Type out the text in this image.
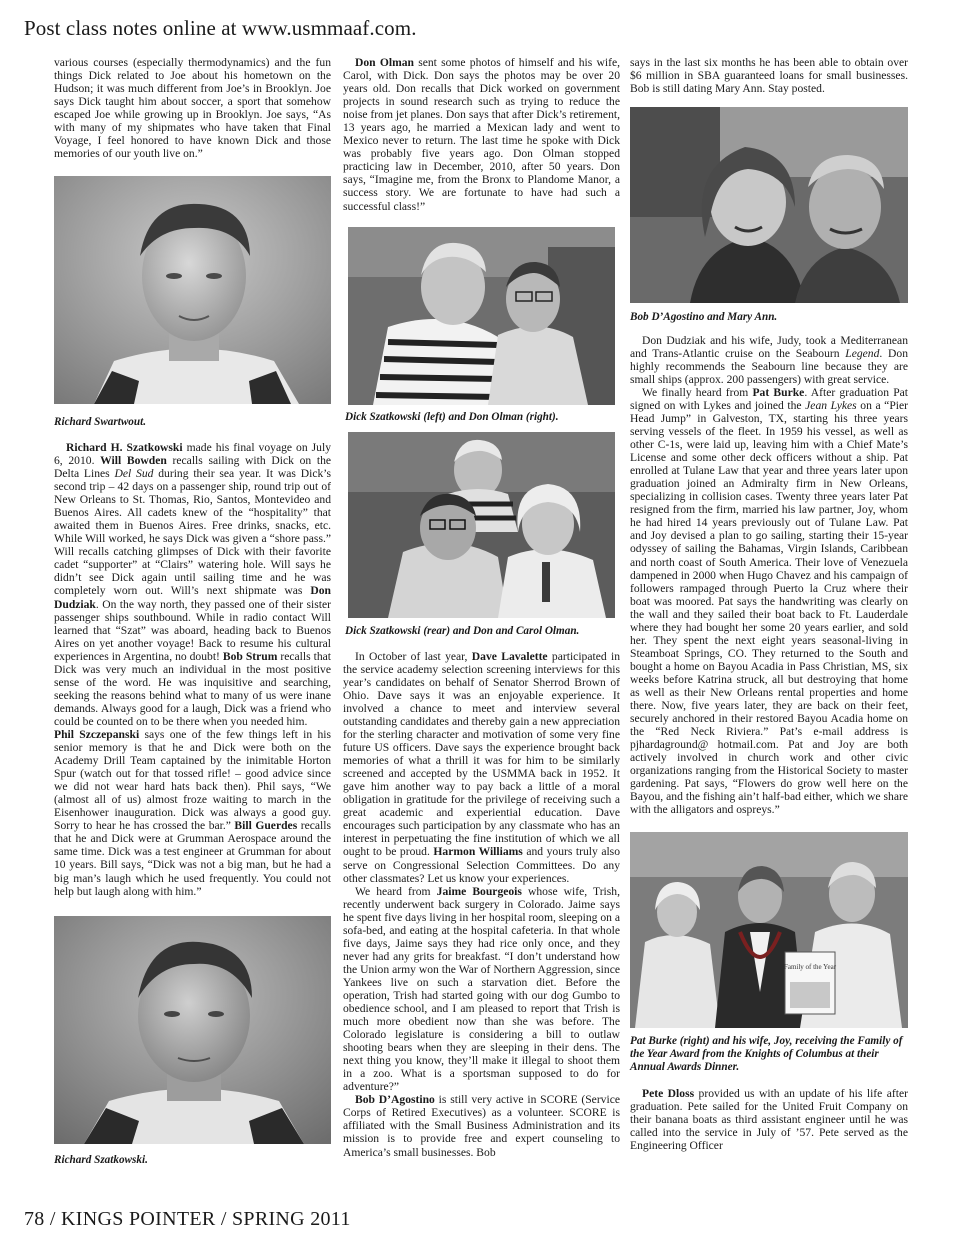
Post class notes online at www.usmmaaf.com.

various courses (especially thermodynamics) and the fun things Dick related to Joe about his hometown on the Hudson; it was much different from Joe’s in Brooklyn. Joe says Dick taught him about soccer, a sport that somehow escaped Joe while growing up in Brooklyn. Joe says, “As with many of my shipmates who have taken that Final Voyage, I feel honored to have known Dick and those memories of our youth live on.”

Richard Swartwout.

Richard H. Szatkowski made his final voyage on July 6, 2010. Will Bowden recalls sailing with Dick on the Delta Lines Del Sud during their sea year. It was Dick’s second trip – 42 days on a passenger ship, round trip out of New Orleans to St. Thomas, Rio, Santos, Montevideo and Buenos Aires. All cadets knew of the “hospitality” that awaited them in Buenos Aires. Free drinks, snacks, etc. While Will worked, he says Dick was given a “shore pass.” Will recalls catching glimpses of Dick with their favorite cadet “supporter” at “Clairs” watering hole. Will says he didn’t see Dick again until sailing time and he was completely worn out. Will’s next shipmate was Don Dudziak. On the way north, they passed one of their sister passenger ships southbound. While in radio contact Will learned that “Szat” was aboard, heading back to Buenos Aires on yet another voyage! Back to resume his cultural experiences in Argentina, no doubt! Bob Strum recalls that Dick was very much an individual in the most positive sense of the word. He was inquisitive and searching, seeking the reasons behind what to many of us were inane demands. Always good for a laugh, Dick was a friend who could be counted on to be there when you needed him.

Phil Szczepanski says one of the few things left in his senior memory is that he and Dick were both on the Academy Drill Team captained by the inimitable Horton Spur (watch out for that tossed rifle! – good advice since we did not wear hard hats back then). Phil says, “We (almost all of us) almost froze waiting to march in the Eisenhower inauguration. Dick was always a good guy. Sorry to hear he has crossed the bar.” Bill Guerdes recalls that he and Dick were at Grumman Aerospace around the same time. Dick was a test engineer at Grumman for about 10 years. Bill says, “Dick was not a big man, but he had a big man’s laugh which he used frequently. You could not help but laugh along with him.”

Richard Szatkowski.

Don Olman sent some photos of himself and his wife, Carol, with Dick. Don says the photos may be over 20 years old. Don recalls that Dick worked on government projects in sound research such as trying to reduce the noise from jet planes. Don says that after Dick’s retirement, 13 years ago, he married a Mexican lady and went to Mexico never to return. The last time he spoke with Dick was probably five years ago. Don Olman stopped practicing law in December, 2010, after 50 years. Don says, “Imagine me, from the Bronx to Plandome Manor, a success story. We are fortunate to have had such a successful class!”

Dick Szatkowski (left) and Don Olman (right).
Dick Szatkowski (rear) and Don and Carol Olman.

In October of last year, Dave Lavalette participated in the service academy selection screening interviews for this year’s candidates on behalf of Senator Sherrod Brown of Ohio. Dave says it was an enjoyable experience. It involved a chance to meet and interview several outstanding candidates and thereby gain a new appreciation for the sterling character and motivation of some very fine future US officers. Dave says the experience brought back memories of what a thrill it was for him to be similarly screened and accepted by the USMMA back in 1952. It gave him another way to pay back a little of a moral obligation in gratitude for the privilege of receiving such a great academic and experiential education. Dave encourages such participation by any classmate who has an interest in perpetuating the fine institution of which we all ought to be proud. Harmon Williams and yours truly also serve on Congressional Selection Committees. Do any other classmates? Let us know your experiences.

We heard from Jaime Bourgeois whose wife, Trish, recently underwent back surgery in Colorado. Jaime says he spent five days living in her hospital room, sleeping on a sofa-bed, and eating at the hospital cafeteria. In that whole five days, Jaime says they had rice only once, and they never had any grits for breakfast. “I don’t understand how the Union army won the War of Northern Aggression, since Yankees live on such a starvation diet. Before the operation, Trish had started going with our dog Gumbo to obedience school, and I am pleased to report that Trish is much more obedient now than she was before. The Colorado legislature is considering a bill to outlaw shooting bears when they are sleeping in their dens. The next thing you know, they’ll make it illegal to shoot them in a zoo. What is a sportsman supposed to do for adventure?”

Bob D’Agostino is still very active in SCORE (Service Corps of Retired Executives) as a volunteer. SCORE is affiliated with the Small Business Administration and its mission is to provide free and expert counseling to America’s small businesses. Bob

says in the last six months he has been able to obtain over $6 million in SBA guaranteed loans for small businesses. Bob is still dating Mary Ann. Stay posted.

Bob D’Agostino and Mary Ann.

Don Dudziak and his wife, Judy, took a Mediterranean and Trans-Atlantic cruise on the Seabourn Legend. Don highly recommends the Seabourn line because they are small ships (approx. 200 passengers) with great service.

We finally heard from Pat Burke. After graduation Pat signed on with Lykes and joined the Jean Lykes on a “Pier Head Jump” in Galveston, TX, starting his three years serving vessels of the fleet. In 1959 his vessel, as well as other C-1s, were laid up, leaving him with a Chief Mate’s License and some other deck officers without a ship. Pat enrolled at Tulane Law that year and three years later upon graduation joined an Admiralty firm in New Orleans, specializing in collision cases. Twenty three years later Pat resigned from the firm, married his law partner, Joy, whom he had hired 14 years previously out of Tulane Law. Pat and Joy devised a plan to go sailing, starting their 15-year odyssey of sailing the Bahamas, Virgin Islands, Caribbean and north coast of South America. Their love of Venezuela dampened in 2000 when Hugo Chavez and his campaign of followers rampaged through Puerto la Cruz where their boat was moored. Pat says the handwriting was clearly on the wall and they sailed their boat back to Ft. Lauderdale where they had bought her some 20 years earlier, and sold her. They spent the next eight years seasonal-living in Steamboat Springs, CO. They returned to the South and bought a home on Bayou Acadia in Pass Christian, MS, six weeks before Katrina struck, all but destroying that home as well as their New Orleans rental properties and home there. Now, five years later, they are back on their feet, securely anchored in their restored Bayou Acadia home on the “Red Neck Riviera.” Pat’s e-mail address is pjhardaground@ hotmail.com. Pat and Joy are both actively involved in church work and other civic organizations ranging from the Historical Society to master gardening. Pat says, “Flowers do grow well here on the Bayou, and the fishing ain’t half-bad either, which we share with the alligators and ospreys.”

Family of the Year
Pat Burke (right) and his wife, Joy, receiving the Family of the Year Award from the Knights of Columbus at their Annual Awards Dinner.

Pete Dloss provided us with an update of his life after graduation. Pete sailed for the United Fruit Company on their banana boats as third assistant engineer until he was called into the service in July of ’57. Pete served as the Engineering Officer

78 / KINGS POINTER / SPRING 2011
